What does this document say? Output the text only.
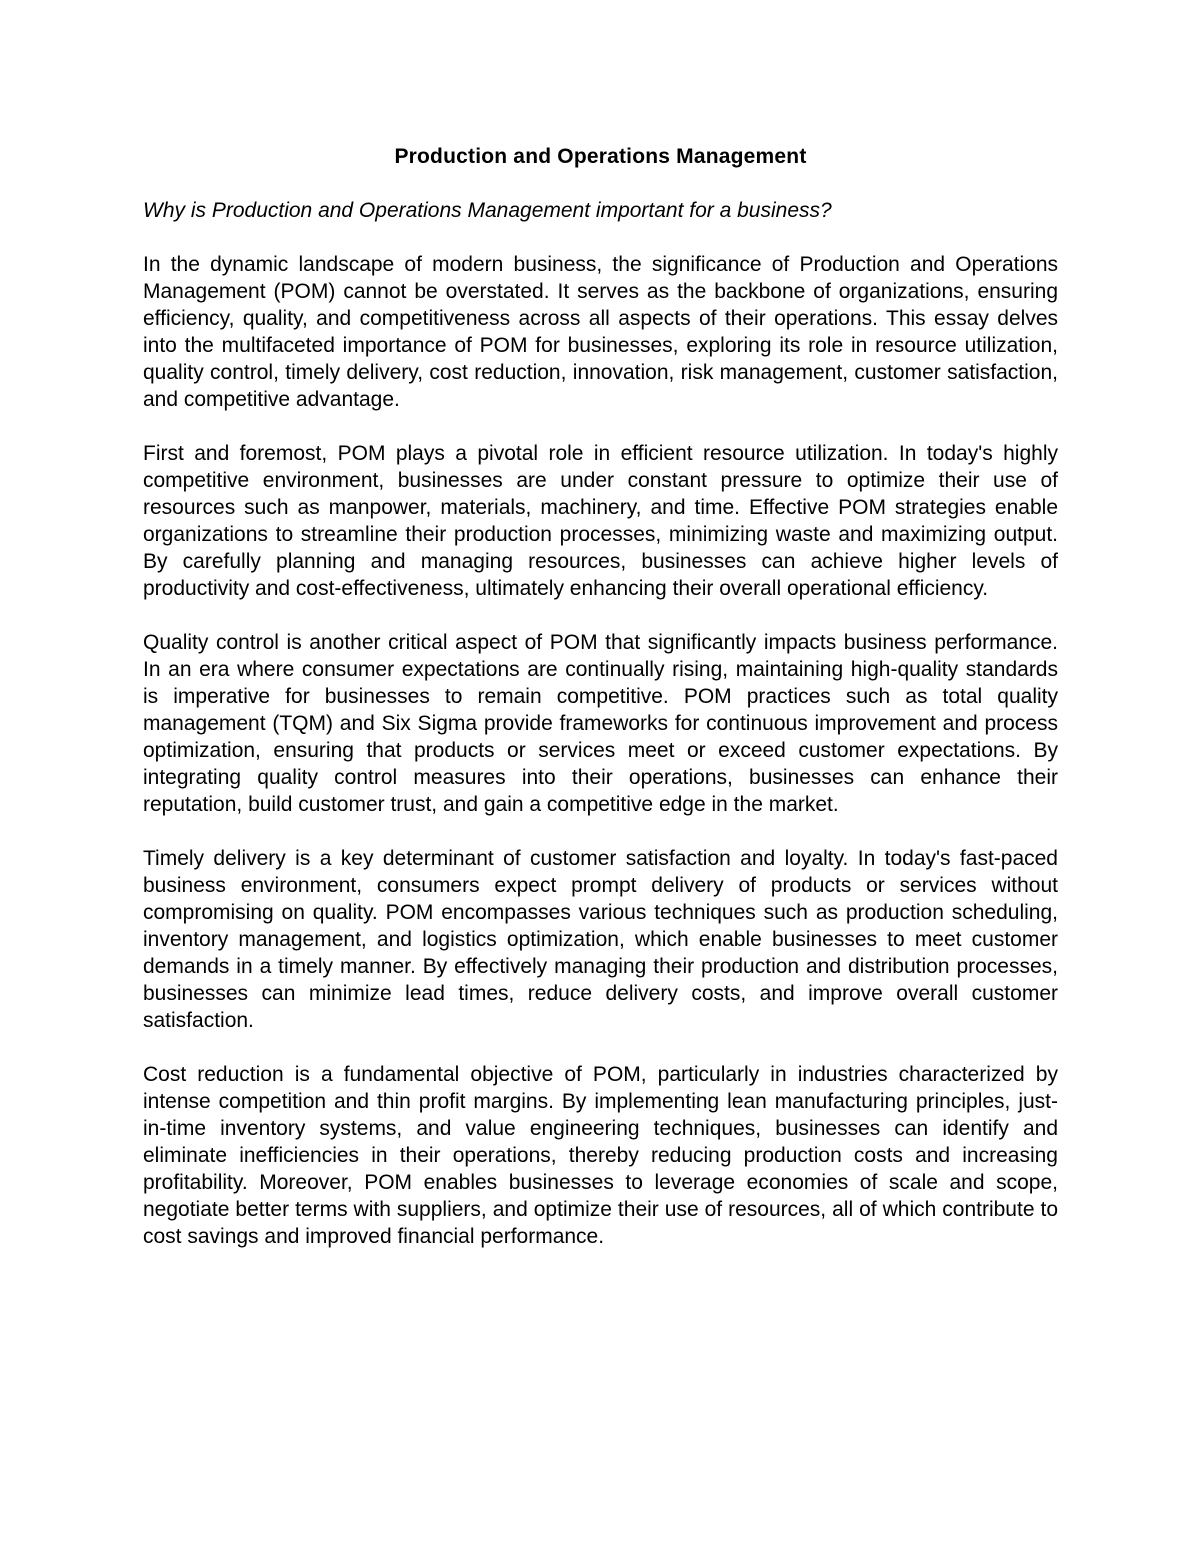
Production and Operations Management

Why is Production and Operations Management important for a business?

In the dynamic landscape of modern business, the significance of Production and Operations Management (POM) cannot be overstated. It serves as the backbone of organizations, ensuring efficiency, quality, and competitiveness across all aspects of their operations. This essay delves into the multifaceted importance of POM for businesses, exploring its role in resource utilization, quality control, timely delivery, cost reduction, innovation, risk management, customer satisfaction, and competitive advantage.

First and foremost, POM plays a pivotal role in efficient resource utilization. In today's highly competitive environment, businesses are under constant pressure to optimize their use of resources such as manpower, materials, machinery, and time. Effective POM strategies enable organizations to streamline their production processes, minimizing waste and maximizing output. By carefully planning and managing resources, businesses can achieve higher levels of productivity and cost-effectiveness, ultimately enhancing their overall operational efficiency.

Quality control is another critical aspect of POM that significantly impacts business performance. In an era where consumer expectations are continually rising, maintaining high-quality standards is imperative for businesses to remain competitive. POM practices such as total quality management (TQM) and Six Sigma provide frameworks for continuous improvement and process optimization, ensuring that products or services meet or exceed customer expectations. By integrating quality control measures into their operations, businesses can enhance their reputation, build customer trust, and gain a competitive edge in the market.

Timely delivery is a key determinant of customer satisfaction and loyalty. In today's fast-paced business environment, consumers expect prompt delivery of products or services without compromising on quality. POM encompasses various techniques such as production scheduling, inventory management, and logistics optimization, which enable businesses to meet customer demands in a timely manner. By effectively managing their production and distribution processes, businesses can minimize lead times, reduce delivery costs, and improve overall customer satisfaction.

Cost reduction is a fundamental objective of POM, particularly in industries characterized by intense competition and thin profit margins. By implementing lean manufacturing principles, just-in-time inventory systems, and value engineering techniques, businesses can identify and eliminate inefficiencies in their operations, thereby reducing production costs and increasing profitability. Moreover, POM enables businesses to leverage economies of scale and scope, negotiate better terms with suppliers, and optimize their use of resources, all of which contribute to cost savings and improved financial performance.
